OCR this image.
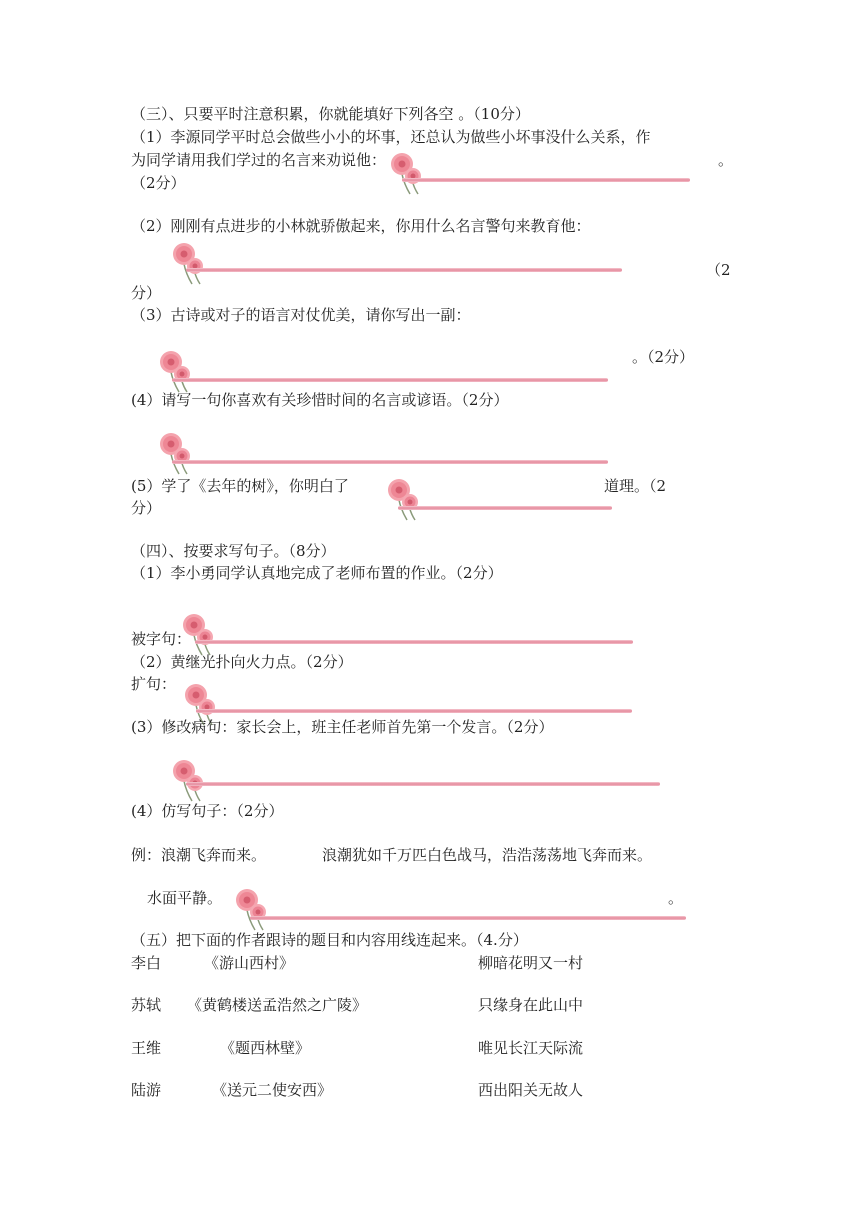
（三）、只要平时注意积累，你就能填好下列各空 。（10分）
（1）李源同学平时总会做些小小的坏事，还总认为做些小坏事没什么关系，作
为同学请用我们学过的名言来劝说他：	。
（2分）
（2）刚刚有点进步的小林就骄傲起来，你用什么名言警句来教育他：
（2
分）
（3）古诗或对子的语言对仗优美，请你写出一副：
。（2分）
(4）请写一句你喜欢有关珍惜时间的名言或谚语。（2分）
(5）学了《去年的树》，你明白了	道理。（2
分）
（四）、按要求写句子。（8分）
（1）李小勇同学认真地完成了老师布置的作业。（2分）
被字句：
（2）黄继光扑向火力点。（2分）
扩句：
(3）修改病句：家长会上，班主任老师首先第一个发言。（2分）
(4）仿写句子：（2分）
例：浪潮飞奔而来。	浪潮犹如千万匹白色战马，浩浩荡荡地飞奔而来。
水面平静。	。
（五）把下面的作者跟诗的题目和内容用线连起来。（4.分）
李白	《游山西村》	柳暗花明又一村
苏轼 《黄鹤楼送孟浩然之广陵》	只缘身在此山中
王维	《题西林壁》	唯见长江天际流
陆游	《送元二使安西》	西出阳关无故人
